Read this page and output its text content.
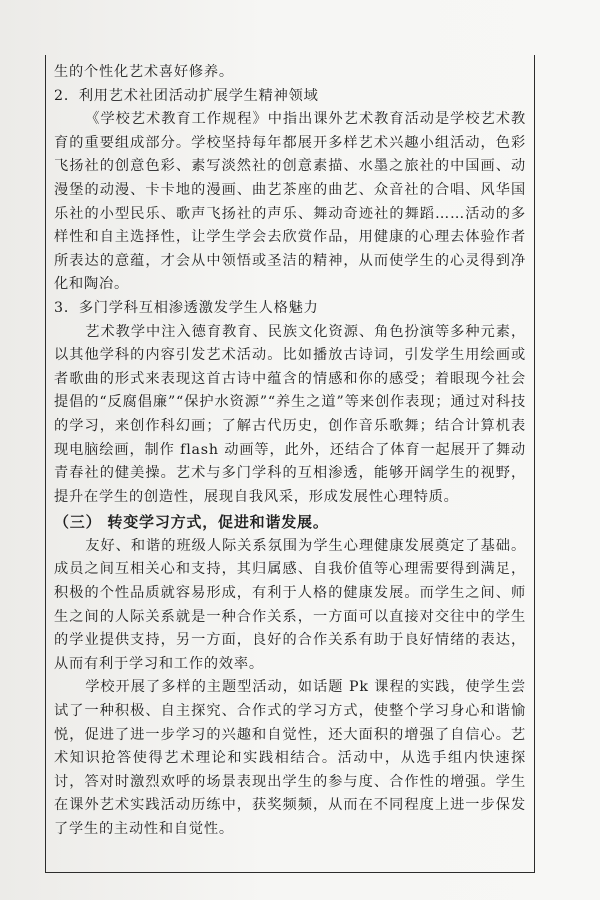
生的个性化艺术喜好修养。

2．利用艺术社团活动扩展学生精神领域

《学校艺术教育工作规程》中指出课外艺术教育活动是学校艺术教育的重要组成部分。学校坚持每年都展开多样艺术兴趣小组活动，色彩飞扬社的创意色彩、素写淡然社的创意素描、水墨之旅社的中国画、动漫堡的动漫、卡卡地的漫画、曲艺茶座的曲艺、众音社的合唱、风华国乐社的小型民乐、歌声飞扬社的声乐、舞动奇迹社的舞蹈……活动的多样性和自主选择性，让学生学会去欣赏作品，用健康的心理去体验作者所表达的意蕴，才会从中领悟或圣洁的精神，从而使学生的心灵得到净化和陶冶。

3．多门学科互相渗透激发学生人格魅力

艺术教学中注入德育教育、民族文化资源、角色扮演等多种元素，以其他学科的内容引发艺术活动。比如播放古诗词，引发学生用绘画或者歌曲的形式来表现这首古诗中蕴含的情感和你的感受；着眼现今社会提倡的“反腐倡廉”“保护水资源”“养生之道”等来创作表现；通过对科技的学习，来创作科幻画；了解古代历史，创作音乐歌舞；结合计算机表现电脑绘画，制作 flash 动画等，此外，还结合了体育一起展开了舞动青春社的健美操。艺术与多门学科的互相渗透，能够开阔学生的视野，提升在学生的创造性，展现自我风采，形成发展性心理特质。

（三） 转变学习方式，促进和谐发展。

友好、和谐的班级人际关系氛围为学生心理健康发展奠定了基础。成员之间互相关心和支持，其归属感、自我价值等心理需要得到满足，积极的个性品质就容易形成，有利于人格的健康发展。而学生之间、师生之间的人际关系就是一种合作关系，一方面可以直接对交往中的学生的学业提供支持，另一方面，良好的合作关系有助于良好情绪的表达，从而有利于学习和工作的效率。

学校开展了多样的主题型活动，如话题 Pk 课程的实践，使学生尝试了一种积极、自主探究、合作式的学习方式，使整个学习身心和谐愉悦，促进了进一步学习的兴趣和自觉性，还大面积的增强了自信心。艺术知识抢答使得艺术理论和实践相结合。活动中，从选手组内快速探讨，答对时激烈欢呼的场景表现出学生的参与度、合作性的增强。学生在课外艺术实践活动历练中，获奖频频，从而在不同程度上进一步保发了学生的主动性和自觉性。
